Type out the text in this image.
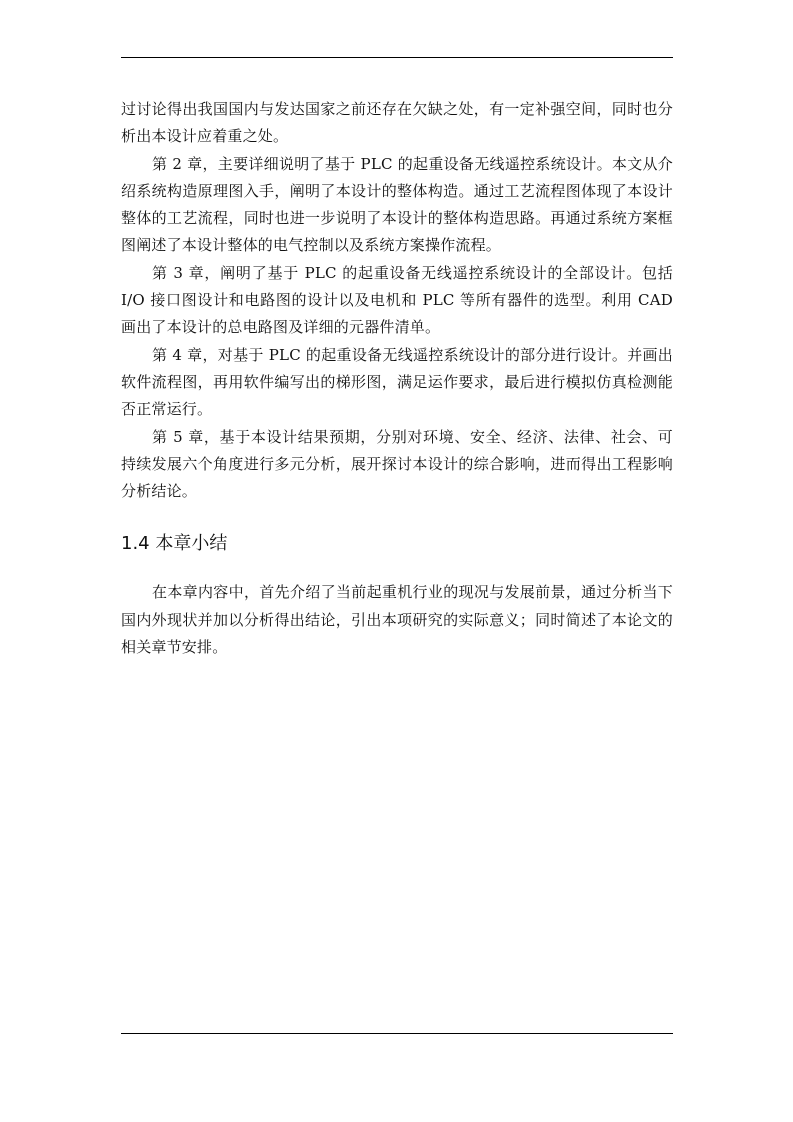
过讨论得出我国国内与发达国家之前还存在欠缺之处，有一定补强空间，同时也分析出本设计应着重之处。

第 2 章，主要详细说明了基于 PLC 的起重设备无线遥控系统设计。本文从介绍系统构造原理图入手，阐明了本设计的整体构造。通过工艺流程图体现了本设计整体的工艺流程，同时也进一步说明了本设计的整体构造思路。再通过系统方案框图阐述了本设计整体的电气控制以及系统方案操作流程。

第 3 章，阐明了基于 PLC 的起重设备无线遥控系统设计的全部设计。包括 I/O 接口图设计和电路图的设计以及电机和 PLC 等所有器件的选型。利用 CAD 画出了本设计的总电路图及详细的元器件清单。

第 4 章，对基于 PLC 的起重设备无线遥控系统设计的部分进行设计。并画出软件流程图，再用软件编写出的梯形图，满足运作要求，最后进行模拟仿真检测能否正常运行。

第 5 章，基于本设计结果预期，分别对环境、安全、经济、法律、社会、可持续发展六个角度进行多元分析，展开探讨本设计的综合影响，进而得出工程影响分析结论。

1.4 本章小结

在本章内容中，首先介绍了当前起重机行业的现况与发展前景，通过分析当下国内外现状并加以分析得出结论，引出本项研究的实际意义；同时简述了本论文的相关章节安排。
